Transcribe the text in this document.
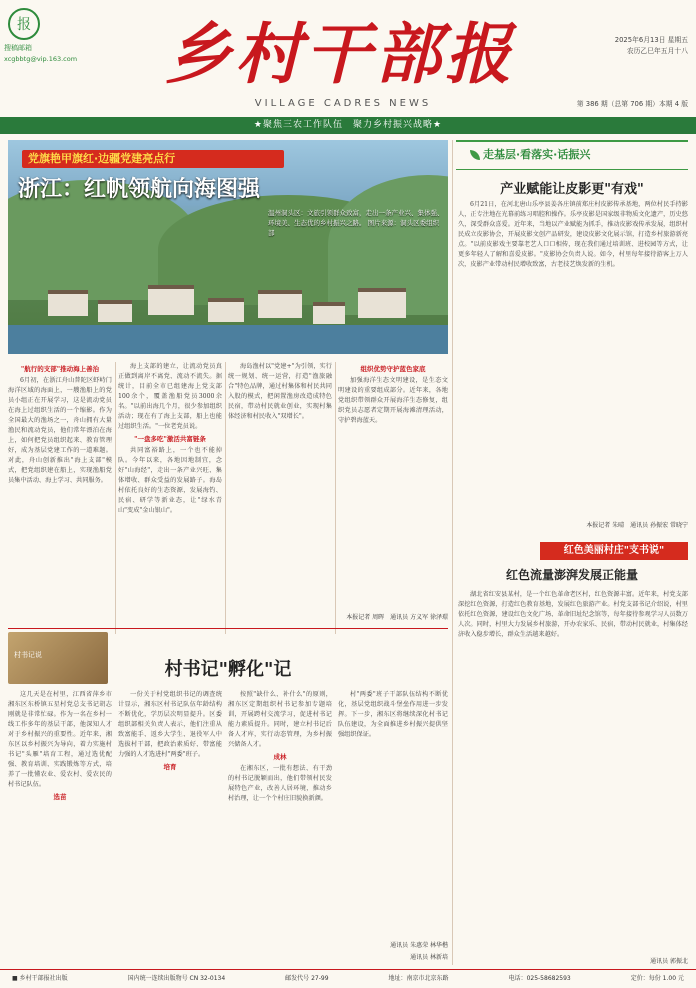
报
搜稿邮箱
xcgbbtg@vip.163.com 乡村干部报
VILLAGE CADRES NEWS
2025年6月13日 星期五
农历乙巳年五月十八
第 386 期（总第 706 期）本期 4 版
★聚焦三农工作队伍　聚力乡村振兴战略★
党旗艳甲旗红·边疆党建亮点行
浙江：红帆领航向海图强
温州洞头区：文旅引领群众致富，走出一条产业兴、集体强、环境美、生态优的乡村振兴之路。 图片来源：洞头区委组织部
"航行的支部"推动海上善治

6月初，在浙江舟山普陀区虾峙门海洋区域的海面上，一艘渔船上的党员小组正在开展学习，这是流动党员在海上过组织生活的一个缩影。作为全国最大的渔场之一，舟山拥有大量渔民和流动党员，他们常年漂泊在海上，如何把党员组织起来、教育管理好，成为基层党建工作的一道难题。对此，舟山创新推出"海上支部"模式，把党组织建在船上，实现渔船党员集中活动、海上学习、共同服务。

海上支部的建立，让流动党员真正做到离岸不离党、流动不流失。据统计，目前全市已组建海上党支部100余个，覆盖渔船党员3000余名。"以前出海几个月，很少参加组织活动；现在有了海上支部，船上也能过组织生活。"一位老党员说。

"一盘多吃"激活共富链条

共同富裕路上，一个也不能掉队。今年以来，各地因地制宜，念好"山海经"，走出一条产业兴旺、集体增收、群众受益的发展路子。海岛村依托良好的生态资源，发展海钓、民宿、研学等新业态，让"绿水青山"变成"金山银山"。

海岛渔村以"党建+"为引领，实行统一规划、统一运营，打造"渔旅融合"特色品牌，通过村集体和村民共同入股的模式，把闲置渔房改造成特色民宿，带动村民就业创业，实现村集体经济和村民收入"双增长"。

组织优势守护蓝色家底

加强海洋生态文明建设，是生态文明建设的重要组成部分。近年来，各地党组织带领群众开展海洋生态修复，组织党员志愿者定期开展海滩清理活动，守护碧海蓝天。

本报记者 周晖　通讯员 方义军 徐泽璟
走基层·看落实·话振兴
产业赋能让皮影更"有戏"

6月21日，在河北唐山乐亭县姜各庄镇前郑庄村皮影传承基地，两位村民手持影人，正专注地在光幕前练习唱腔和操作。乐亭皮影是国家级非物质文化遗产，历史悠久，深受群众喜爱。近年来，当地以产业赋能为抓手，推动皮影戏传承发展，组织村民成立皮影协会，开展皮影文创产品研发，建设皮影文化展示馆，打造乡村旅游新亮点。"以前皮影戏主要靠老艺人口口相传，现在我们通过培训班、进校园等方式，让更多年轻人了解和喜爱皮影。"皮影协会负责人说。如今，村里每年接待游客上万人次，皮影产业带动村民增收致富，古老技艺焕发新的生机。

本报记者 朱晴　通讯员 孙振宏 常晓宁
红色美丽村庄"支书说"
红色流量澎湃发展正能量

湖北省红安县某村，是一个红色革命老区村，红色资源丰富。近年来，村党支部深挖红色资源，打造红色教育基地，发展红色旅游产业。村党支部书记介绍说，村里依托红色资源，建设红色文化广场、革命旧址纪念馆等，每年接待参观学习人员数万人次。同时，村里大力发展乡村旅游，开办农家乐、民宿，带动村民就业，村集体经济收入稳步增长，群众生活越来越好。

通讯员 郭振北
村书记说
村书记"孵化"记

这几天是在村里，江西省萍乡市湘东区东桥镇五星村党总支书记胡志刚就是非常忙碌。作为一名在乡村一线工作多年的基层干部，他深知人才对于乡村振兴的重要性。近年来，湘东区以乡村振兴为导向，着力实施村书记"头雁"培育工程，通过选优配强、教育培训、实践锻炼等方式，培养了一批懂农业、爱农村、爱农民的村书记队伍。

选苗

一份关于村党组织书记的调查统计显示，湘东区村书记队伍年龄结构不断优化，学历层次明显提升。区委组织部相关负责人表示，他们注重从致富能手、返乡大学生、退役军人中选拔村干部，把政治素质好、带富能力强的人才选进村"两委"班子。

培育

按照"缺什么、补什么"的原则，湘东区定期组织村书记参加专题培训，开展跨村交流学习，促进村书记能力素质提升。同时，建立村书记后备人才库，实行动态管理，为乡村振兴储备人才。

成林

在湘东区，一批有想法、有干劲的村书记脱颖而出，他们带领村民发展特色产业，改善人居环境，推动乡村治理，让一个个村庄旧貌换新颜。

村"两委"班子干部队伍结构不断优化，基层党组织战斗堡垒作用进一步发挥。下一步，湘东区将继续深化村书记队伍建设，为全面推进乡村振兴提供坚强组织保证。

通讯员 朱惠荣 林华楷
通讯员 林新培
■ 乡村干部报社出版	国内统一连续出版物号 CN 32-0134	邮发代号 27-99	地址：南京市北京东路	电话：025-58682593	定价：每份 1.00 元
